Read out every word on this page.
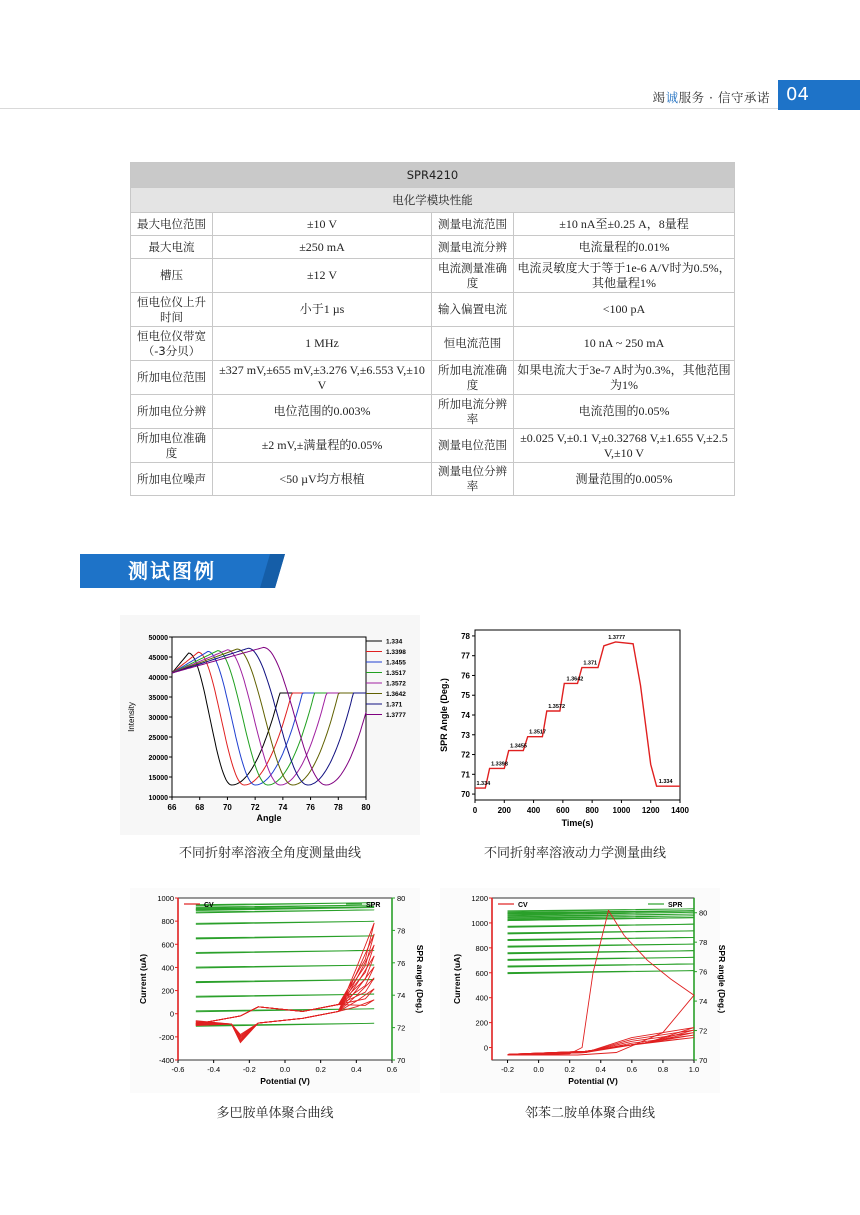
竭诚服务 · 信守承诺 04
SPR4210			
电化学模块性能			
最大电位范围	±10 V	测量电流范围	±10 nA至±0.25 A，8量程
最大电流	±250 mA	测量电流分辨	电流量程的0.01%
槽压	±12 V	电流测量准确度	电流灵敏度大于等于1e-6 A/V时为0.5%，其他量程1%
恒电位仪上升时间	小于1 µs	输入偏置电流	<100 pA
恒电位仪带宽（-3分贝）	1 MHz	恒电流范围	10 nA ~ 250 mA
所加电位范围	±327 mV,±655 mV,±3.276 V,±6.553 V,±10 V	所加电流准确度	如果电流大于3e-7 A时为0.3%，其他范围为1%
所加电位分辨	电位范围的0.003%	所加电流分辨率	电流范围的0.05%
所加电位准确度	±2 mV,±满量程的0.05%	测量电位范围	±0.025 V,±0.1 V,±0.32768 V,±1.655 V,±2.5 V,±10 V
所加电位噪声	<50 µV均方根植	测量电位分辨率	测量范围的0.005%
测试图例
66 68 70 72 74 76 78 80
10000
15000
20000
25000
30000
35000
40000
45000
50000
Angle
Intensity
1.334
1.3398
1.3455
1.3517
1.3572
1.3642
1.371
1.3777
0	200 400 600 800 1000 1200 1400
70
71
72
73
74
75
76
77
78
Time(s)
SPR Angle (Deg.)
1.334
1.3398
1.3455
1.3517
1.3572
1.3642
1.371
1.3777
1.334
-0.6	-0.4	-0.2	0.0	0.2	0.4	0.6
-400
-200
0
200
400
600
800
1000
70
72
74
76
78
80
Potential (V)
Current (uA)	SPR angle (Deg.)
CV	SPR
-0.2	0.0	0.2	0.4	0.6	0.8	1.0
0
200
400
600
800
1000
1200
70
72
74
76
78
80
Potential (V)
Current (uA)	SPR angle (Deg.)
CV	SPR
不同折射率溶液全角度测量曲线	不同折射率溶液动力学测量曲线
多巴胺单体聚合曲线	邻苯二胺单体聚合曲线
